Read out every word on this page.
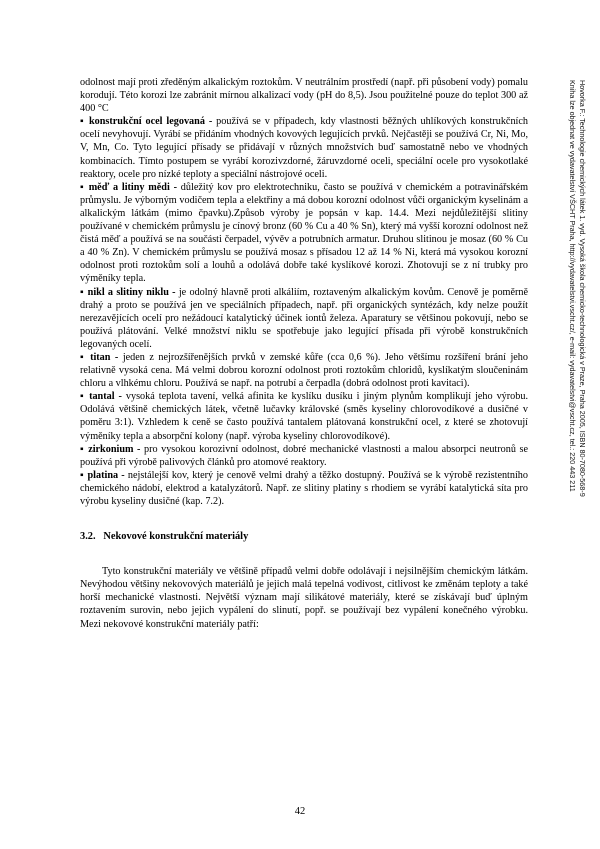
odolnost mají proti zředěným alkalickým roztokům. V neutrálním prostředí (např. při působení vody) pomalu korodují. Této korozi lze zabránit mírnou alkalizací vody (pH do 8,5). Jsou použitelné pouze do teplot 300 až 400 °C

▪ konstrukční ocel legovaná - používá se v případech, kdy vlastnosti běžných uhlíkových konstrukčních ocelí nevyhovují. Vyrábí se přidáním vhodných kovových legujících prvků. Nejčastěji se používá Cr, Ni, Mo, V, Mn, Co. Tyto legující přísady se přidávají v různých množstvích buď samostatně nebo ve vhodných kombinacích. Tímto postupem se vyrábí korozivzdorné, žáruvzdorné oceli, speciální ocele pro vysokotlaké reaktory, ocele pro nízké teploty a speciální nástrojové oceli.

▪ měď a litiny mědi - důležitý kov pro elektrotechniku, často se používá v chemickém a potravinářském průmyslu. Je výborným vodičem tepla a elektřiny a má dobou korozní odolnost vůči organickým kyselinám a alkalickým látkám (mimo čpavku).Způsob výroby je popsán v kap. 14.4. Mezi nejdůležitější slitiny používané v chemickém průmyslu je cínový bronz (60 % Cu a 40 % Sn), který má vyšší korozní odolnost než čistá měď a používá se na součásti čerpadel, vývěv a potrubních armatur. Druhou slitinou je mosaz (60 % Cu a 40 % Zn). V chemickém průmyslu se používá mosaz s přísadou 12 až 14 % Ni, která má vysokou korozní odolnost proti roztokům solí a louhů a odolává dobře také kyslíkové korozi. Zhotovují se z ní trubky pro výměníky tepla.

▪ nikl a slitiny niklu - je odolný hlavně proti alkáliím, roztaveným alkalickým kovům. Cenově je poměrně drahý a proto se používá jen ve speciálních případech, např. při organických syntézách, kdy nelze použít nerezavějících ocelí pro nežádoucí katalytický účinek iontů železa. Aparatury se většinou pokovují, nebo se používá plátování. Velké množství niklu se spotřebuje jako legující přísada při výrobě konstrukčních legovaných ocelí.

▪ titan - jeden z nejrozšířenějších prvků v zemské kůře (cca 0,6 %). Jeho většímu rozšíření brání jeho relativně vysoká cena. Má velmi dobrou korozní odolnost proti roztokům chloridů, kyslíkatým sloučeninám chloru a vlhkému chloru. Používá se např. na potrubí a čerpadla (dobrá odolnost proti kavitaci).

▪ tantal - vysoká teplota tavení, velká afinita ke kyslíku dusíku i jiným plynům komplikují jeho výrobu. Odolává většině chemických látek, včetně lučavky královské (směs kyseliny chlorovodíkové a dusičné v poměru 3:1). Vzhledem k ceně se často používá tantalem plátovaná konstrukční ocel, z které se zhotovují výměníky tepla a absorpční kolony (např. výroba kyseliny chlorovodíkové).

▪ zirkonium - pro vysokou korozivní odolnost, dobré mechanické vlastnosti a malou absorpci neutronů se používá při výrobě palivových článků pro atomové reaktory.

▪ platina - nejstálejší kov, který je cenově velmi drahý a těžko dostupný. Používá se k výrobě rezistentního chemického nádobí, elektrod a katalyzátorů. Např. ze slitiny platiny s rhodiem se vyrábí katalytická síta pro výrobu kyseliny dusičné (kap. 7.2).

3.2.   Nekovové konstrukční materiály

Tyto konstrukční materiály ve většině případů velmi dobře odolávají i nejsilnějším chemickým látkám. Nevýhodou většiny nekovových materiálů je jejich malá tepelná vodivost, citlivost ke změnám teploty a také horší mechanické vlastnosti. Největší význam mají silikátové materiály, které se získávají buď úplným roztavením surovin, nebo jejich vypálení do slinutí, popř. se používají bez vypálení konečného výrobku. Mezi nekovové konstrukční materiály patří:

Hovorka F.: Technologie chemických látek 1. vyd. Vysoká škola chemicko-technologická v Praze, Praha 2005, ISBN 80-7080-568-9
Kniha lze objednat ve vydavatelství VŠCHT Praha, http://vydavatelstvi.vscht.cz/, e-mail: vydavatelstvi@vscht.cz, tel.: 220 443 211
42
